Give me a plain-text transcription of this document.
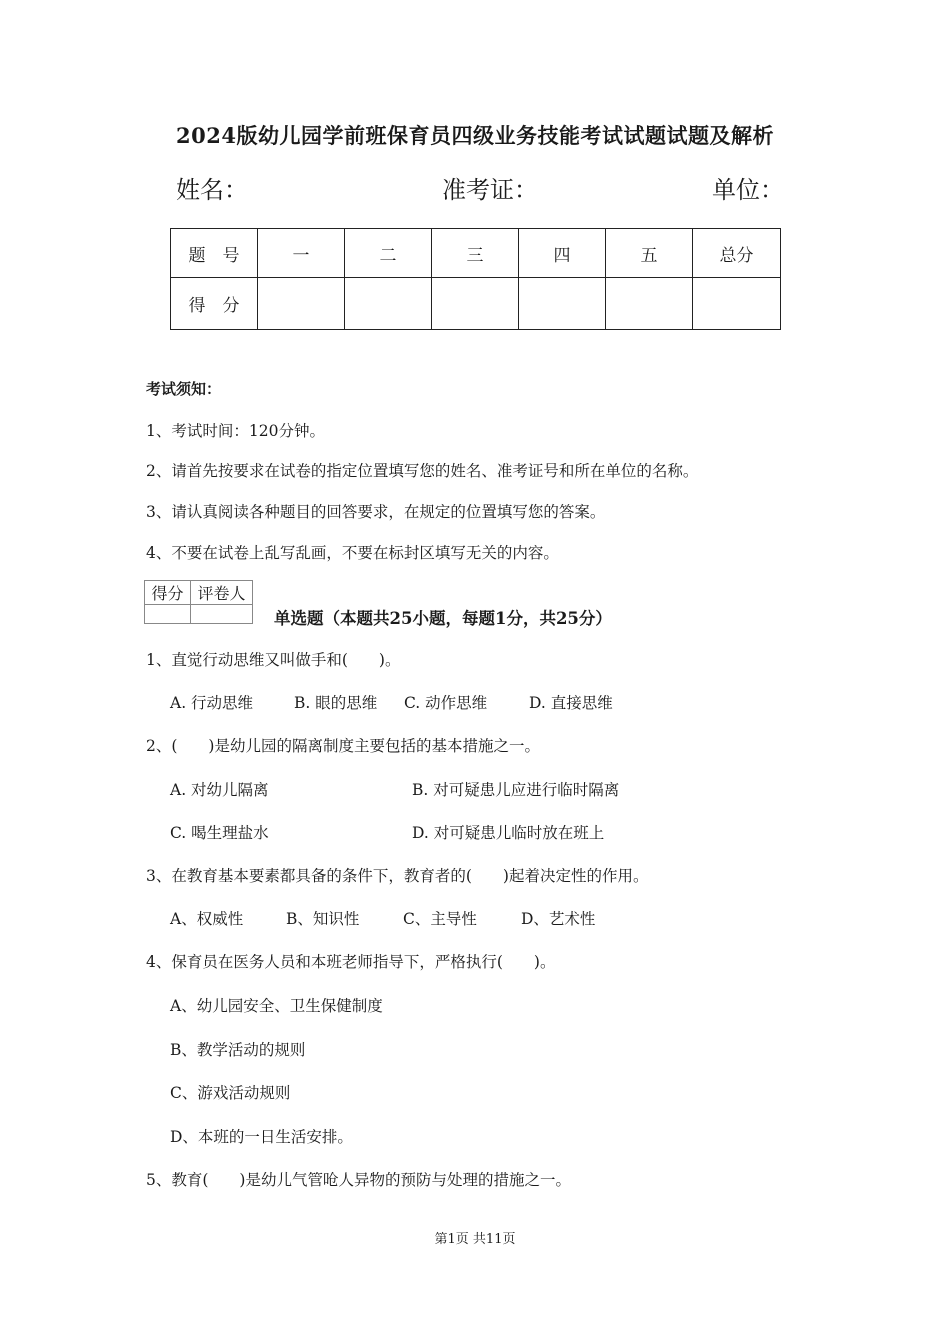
2024版幼儿园学前班保育员四级业务技能考试试题试题及解析
姓名：	准考证：	单位：
题　号	一	二	三	四	五	总分
得　分						
考试须知：
1、考试时间：120分钟。
2、请首先按要求在试卷的指定位置填写您的姓名、准考证号和所在单位的名称。
3、请认真阅读各种题目的回答要求，在规定的位置填写您的答案。
4、不要在试卷上乱写乱画，不要在标封区填写无关的内容。
得分	评卷人

单选题（本题共25小题，每题1分，共25分）
1、直觉行动思维又叫做手和(　　)。
A. 行动思维	B. 眼的思维 C. 动作思维	D. 直接思维
2、(　　)是幼儿园的隔离制度主要包括的基本措施之一。
A. 对幼儿隔离	B. 对可疑患儿应进行临时隔离
C. 喝生理盐水	D. 对可疑患儿临时放在班上
3、在教育基本要素都具备的条件下，教育者的(　　)起着决定性的作用。
A、权威性	B、知识性	C、主导性	D、艺术性
4、保育员在医务人员和本班老师指导下，严格执行(　　)。
A、幼儿园安全、卫生保健制度
B、教学活动的规则
C、游戏活动规则
D、本班的一日生活安排。
5、教育(　　)是幼儿气管呛人异物的预防与处理的措施之一。
第1页 共11页
